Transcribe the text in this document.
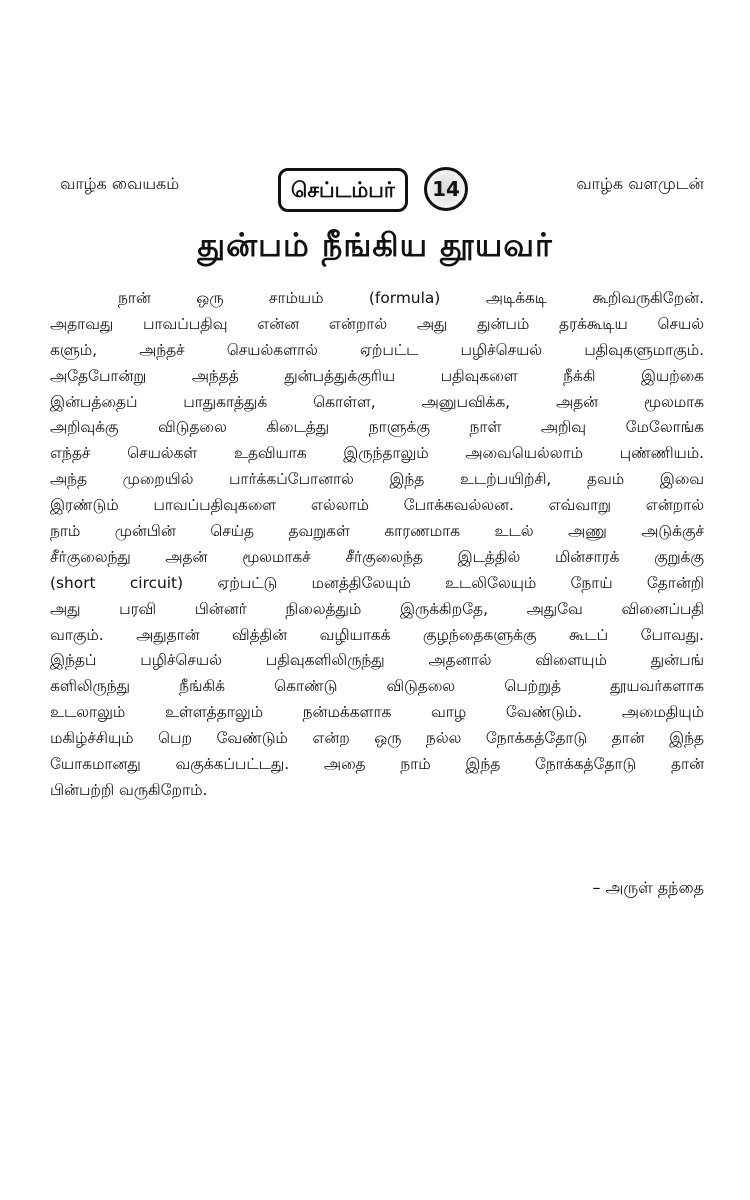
வாழ்க வையகம்	செப்டம்பர்	14	வாழ்க வளமுடன்
துன்பம் நீங்கிய தூயவர்
நான் ஒரு சாம்யம் (formula) அடிக்கடி கூறிவருகிறேன்.
அதாவது பாவப்பதிவு என்ன என்றால் அது துன்பம் தரக்கூடிய செயல்
களும், அந்தச் செயல்களால் ஏற்பட்ட பழிச்செயல் பதிவுகளுமாகும்.
அதேபோன்று அந்தத் துன்பத்துக்குரிய பதிவுகளை நீக்கி இயற்கை
இன்பத்தைப் பாதுகாத்துக் கொள்ள, அனுபவிக்க, அதன் மூலமாக
அறிவுக்கு விடுதலை கிடைத்து நாளுக்கு நாள் அறிவு மேலோங்க
எந்தச் செயல்கள் உதவியாக இருந்தாலும் அவையெல்லாம் புண்ணியம்.
அந்த முறையில் பார்க்கப்போனால் இந்த உடற்பயிற்சி, தவம் இவை
இரண்டும் பாவப்பதிவுகளை எல்லாம் போக்கவல்லன. எவ்வாறு என்றால்
நாம் முன்பின் செய்த தவறுகள் காரணமாக உடல் அணு அடுக்குச்
சீர்குலைந்து அதன் மூலமாகச் சீர்குலைந்த இடத்தில் மின்சாரக் குறுக்கு
(short circuit) ஏற்பட்டு மனத்திலேயும் உடலிலேயும் நோய் தோன்றி
அது பரவி பின்னர் நிலைத்தும் இருக்கிறதே, அதுவே வினைப்பதி
வாகும். அதுதான் வித்தின் வழியாகக் குழந்தைகளுக்கு கூடப் போவது.
இந்தப் பழிச்செயல் பதிவுகளிலிருந்து அதனால் விளையும் துன்பங்
களிலிருந்து நீங்கிக் கொண்டு விடுதலை பெற்றுத் தூயவர்களாக
உடலாலும் உள்ளத்தாலும் நன்மக்களாக வாழ வேண்டும். அமைதியும்
மகிழ்ச்சியும் பெற வேண்டும் என்ற ஒரு நல்ல நோக்கத்தோடு தான் இந்த
யோகமானது வகுக்கப்பட்டது. அதை நாம் இந்த நோக்கத்தோடு தான்
பின்பற்றி வருகிறோம்.
– அருள் தந்தை
